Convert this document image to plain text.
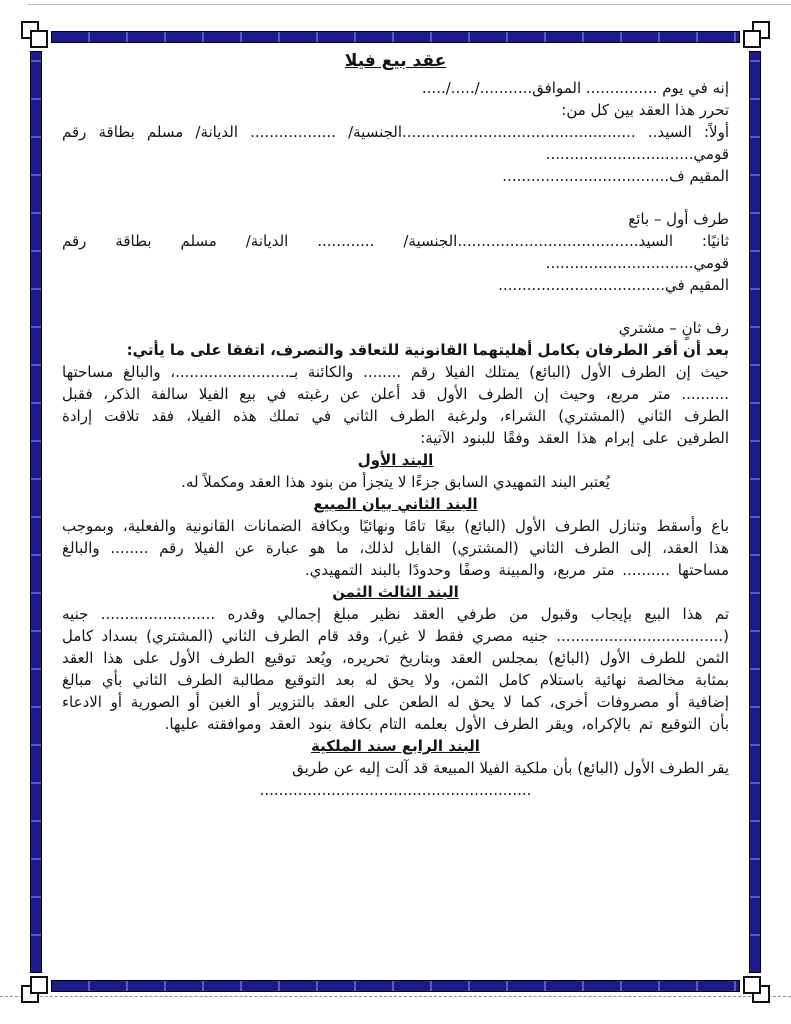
عقد بيع فيلا
إنه في يوم ............... الموافق.........../...../.....
تحرر هذا العقد بين كل من:
أولاً: السيد.. .................................................الجنسية/ .................. الديانة/ مسلم بطاقة رقم
قومي...............................
المقيم ف...................................
طرف أول – بائع
ثانيًا: السيد......................................الجنسية/ ............ الديانة/ مسلم بطاقة رقم
قومي...............................
المقيم في...................................
رف ثانٍ – مشتري
بعد أن أقر الطرفان بكامل أهليتهما القانونية للتعاقد والتصرف، اتفقا على ما يأتي:
حيث إن الطرف الأول (البائع) يمتلك الفيلا رقم ........ والكائنة بـ........................، والبالغ مساحتها .......... متر مربع، وحيث إن الطرف الأول قد أعلن عن رغبته في بيع الفيلا سالفة الذكر، فقبل الطرف الثاني (المشتري) الشراء، ولرغبة الطرف الثاني في تملك هذه الفيلا، فقد تلاقت إرادة الطرفين على إبرام هذا العقد وفقًا للبنود الآتية:
البند الأول
يُعتبر البند التمهيدي السابق جزءًا لا يتجزأ من بنود هذا العقد ومكملاً له.
البند الثاني بيان المبيع
باع وأسقط وتنازل الطرف الأول (البائع) بيعًا تامًا ونهائيًا وبكافة الضمانات القانونية والفعلية، وبموجب هذا العقد، إلى الطرف الثاني (المشتري) القابل لذلك، ما هو عبارة عن الفيلا رقم ........ والبالغ مساحتها .......... متر مربع، والمبينة وصفًا وحدودًا بالبند التمهيدي.
البند الثالث الثمن
تم هذا البيع بإيجاب وقبول من طرفي العقد نظير مبلغ إجمالي وقدره ........................ جنيه (................................... جنيه مصري فقط لا غير)، وقد قام الطرف الثاني (المشتري) بسداد كامل الثمن للطرف الأول (البائع) بمجلس العقد وبتاريخ تحريره، ويُعد توقيع الطرف الأول على هذا العقد بمثابة مخالصة نهائية باستلام كامل الثمن، ولا يحق له بعد التوقيع مطالبة الطرف الثاني بأي مبالغ إضافية أو مصروفات أخرى، كما لا يحق له الطعن على العقد بالتزوير أو الغبن أو الصورية أو الادعاء بأن التوقيع تم بالإكراه، ويقر الطرف الأول بعلمه التام بكافة بنود العقد وموافقته عليها.
البند الرابع سند الملكية
يقر الطرف الأول (البائع) بأن ملكية الفيلا المبيعة قد آلت إليه عن طريق
.........................................................
